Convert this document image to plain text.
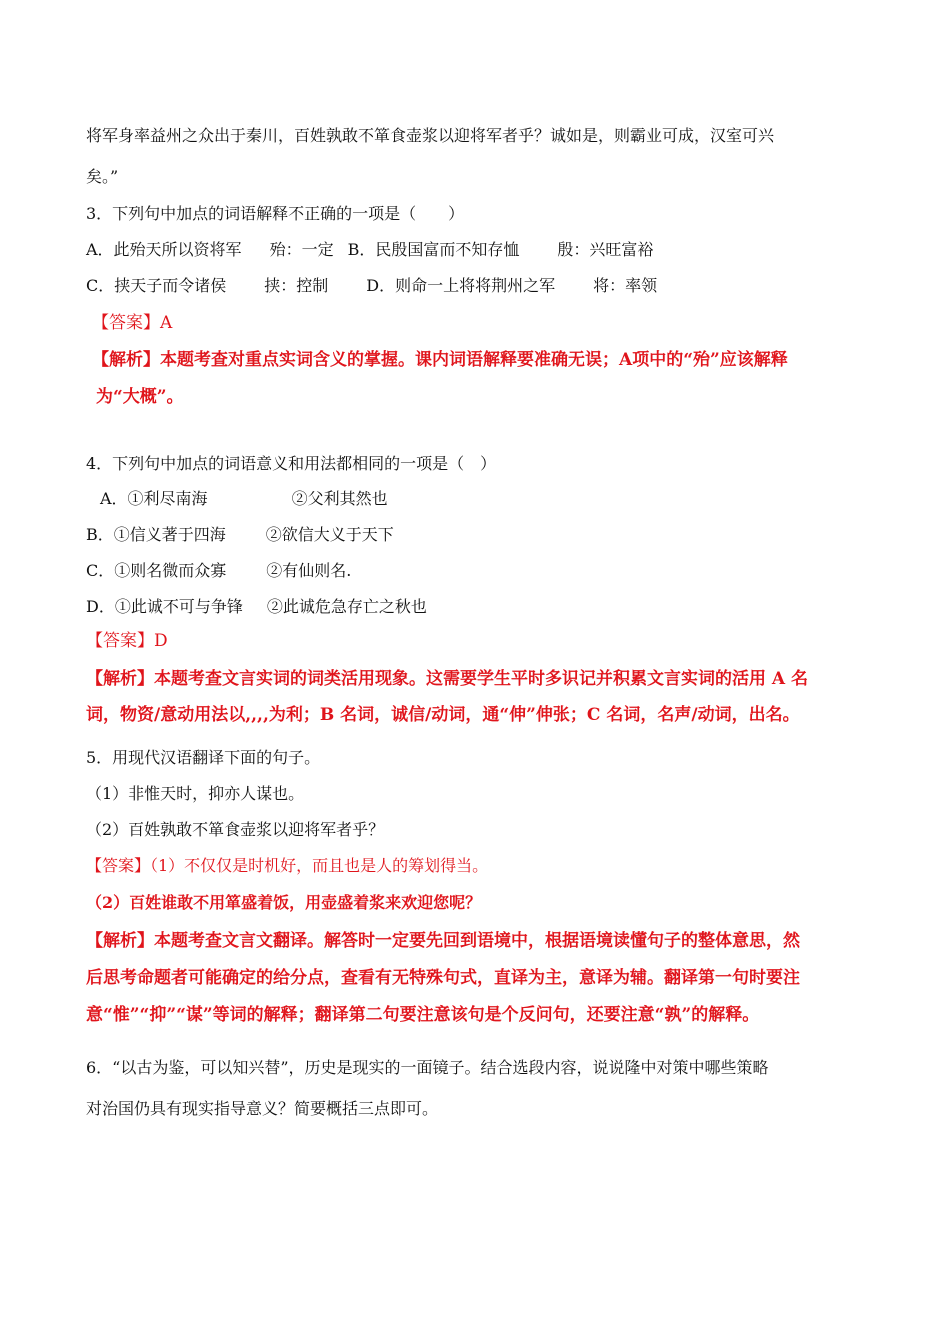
将军身率益州之众出于秦川，百姓孰敢不箪食壶浆以迎将军者乎？诚如是，则霸业可成，汉室可兴
矣。”
3．下列句中加点的词语解释不正确的一项是（　　）
A．此殆天所以资将军 殆：一定 B．民殷国富而不知存恤 殷：兴旺富裕
C．挟天子而令诸侯 挟：控制 D．则命一上将将荆州之军 将：率领
【答案】A
【解析】本题考查对重点实词含义的掌握。课内词语解释要准确无误；A项中的“殆”应该解释
为“大概”。
4．下列句中加点的词语意义和用法都相同的一项是（　）
A．①利尽南海	②父利其然也
B．①信义著于四海	②欲信大义于天下
C．①则名微而众寡	②有仙则名.
D．①此诚不可与争锋 ②此诚危急存亡之秋也
【答案】D
【解析】本题考查文言实词的词类活用现象。这需要学生平时多识记并积累文言实词的活用 A 名
词，物资/意动用法以,,,,为利；B 名词，诚信/动词，通“伸”伸张；C 名词，名声/动词，出名。
5．用现代汉语翻译下面的句子。
（1）非惟天时，抑亦人谋也。
（2）百姓孰敢不箪食壶浆以迎将军者乎？
【答案】（1）不仅仅是时机好，而且也是人的筹划得当。
（2）百姓谁敢不用箪盛着饭，用壶盛着浆来欢迎您呢？
【解析】本题考查文言文翻译。解答时一定要先回到语境中，根据语境读懂句子的整体意思，然
后思考命题者可能确定的给分点，查看有无特殊句式，直译为主，意译为辅。翻译第一句时要注
意“惟”“抑”“谋”等词的解释；翻译第二句要注意该句是个反问句，还要注意“孰”的解释。
6．“以古为鉴，可以知兴替”，历史是现实的一面镜子。结合选段内容，说说隆中对策中哪些策略
对治国仍具有现实指导意义？简要概括三点即可。
